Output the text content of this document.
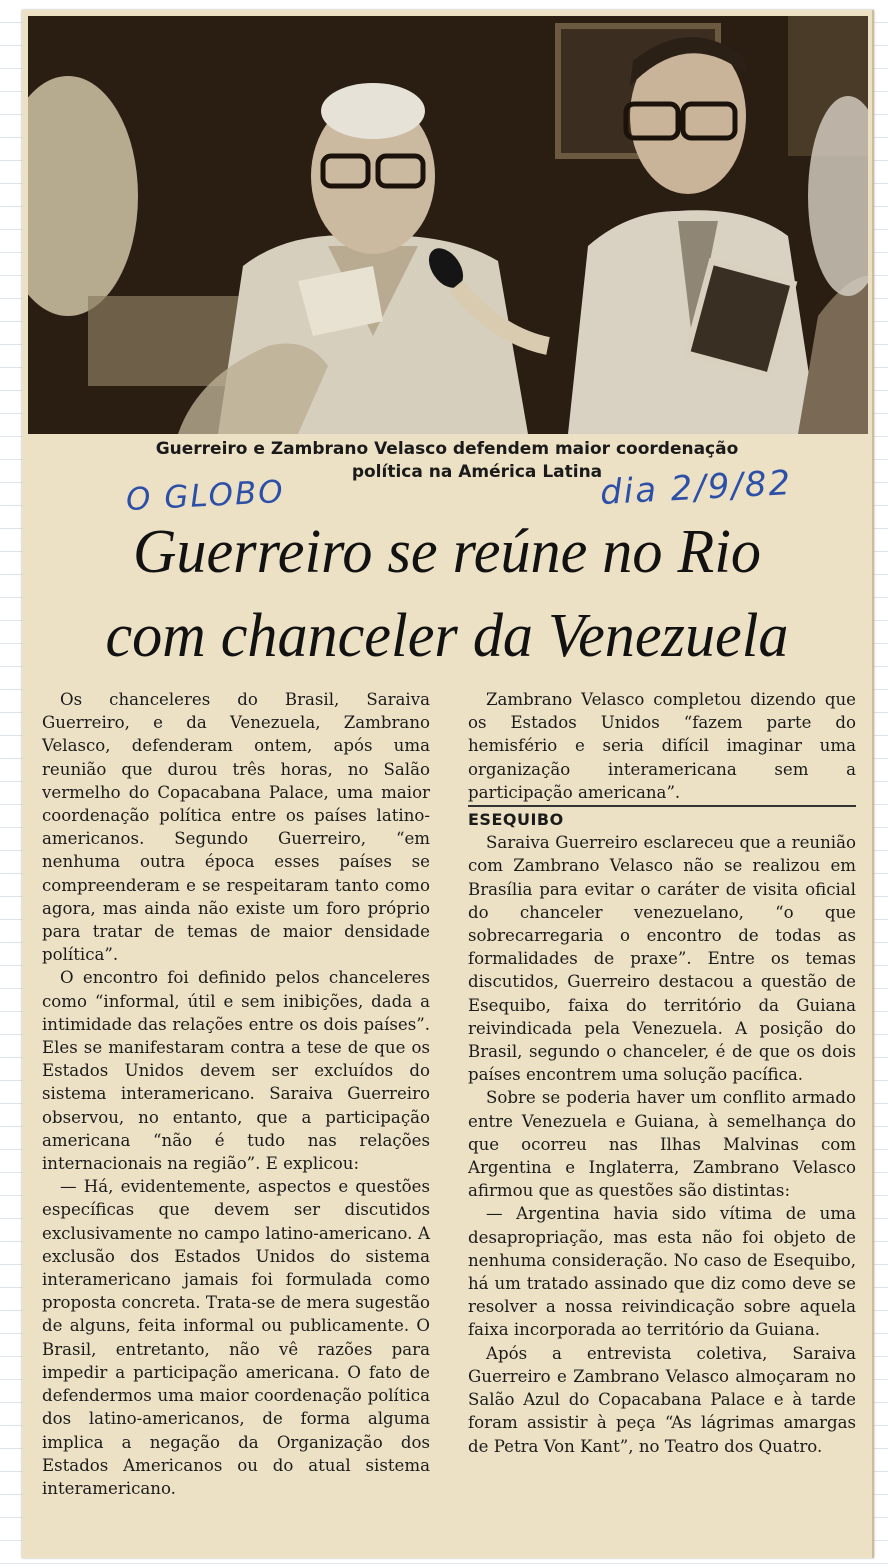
Guerreiro e Zambrano Velasco defendem maior coordenação
política na América Latina
O GLOBO	dia 2/9/82
Guerreiro se reúne no Rio
com chanceler da Venezuela

Os chanceleres do Brasil, Saraiva Guerreiro, e da Venezuela, Zambrano Velasco, defenderam ontem, após uma reunião que durou três horas, no Salão vermelho do Copacabana Palace, uma maior coordenação política entre os países latino-americanos. Segundo Guerreiro, “em nenhuma outra época esses países se compreenderam e se respeitaram tanto como agora, mas ainda não existe um foro próprio para tratar de temas de maior densidade política”.

O encontro foi definido pelos chanceleres como “informal, útil e sem inibições, dada a intimidade das relações entre os dois países”. Eles se manifestaram contra a tese de que os Estados Unidos devem ser excluídos do sistema interamericano. Saraiva Guerreiro observou, no entanto, que a participação americana “não é tudo nas relações internacionais na região”. E explicou:

— Há, evidentemente, aspectos e questões específicas que devem ser discutidos exclusivamente no campo latino-americano. A exclusão dos Estados Unidos do sistema interamericano jamais foi formulada como proposta concreta. Trata-se de mera sugestão de alguns, feita informal ou publicamente. O Brasil, entretanto, não vê razões para impedir a participação americana. O fato de defendermos uma maior coordenação política dos latino-americanos, de forma alguma implica a negação da Organização dos Estados Americanos ou do atual sistema interamericano.

Zambrano Velasco completou dizendo que os Estados Unidos “fazem parte do hemisfério e seria difícil imaginar uma organização interamericana sem a participação americana”.

ESEQUIBO

Saraiva Guerreiro esclareceu que a reunião com Zambrano Velasco não se realizou em Brasília para evitar o caráter de visita oficial do chanceler venezuelano, “o que sobrecarregaria o encontro de todas as formalidades de praxe”. Entre os temas discutidos, Guerreiro destacou a questão de Esequibo, faixa do território da Guiana reivindicada pela Venezuela. A posição do Brasil, segundo o chanceler, é de que os dois países encontrem uma solução pacífica.

Sobre se poderia haver um conflito armado entre Venezuela e Guiana, à semelhança do que ocorreu nas Ilhas Malvinas com Argentina e Inglaterra, Zambrano Velasco afirmou que as questões são distintas:

— Argentina havia sido vítima de uma desapropriação, mas esta não foi objeto de nenhuma consideração. No caso de Esequibo, há um tratado assinado que diz como deve se resolver a nossa reivindicação sobre aquela faixa incorporada ao território da Guiana.

Após a entrevista coletiva, Saraiva Guerreiro e Zambrano Velasco almoçaram no Salão Azul do Copacabana Palace e à tarde foram assistir à peça “As lágrimas amargas de Petra Von Kant”, no Teatro dos Quatro.
